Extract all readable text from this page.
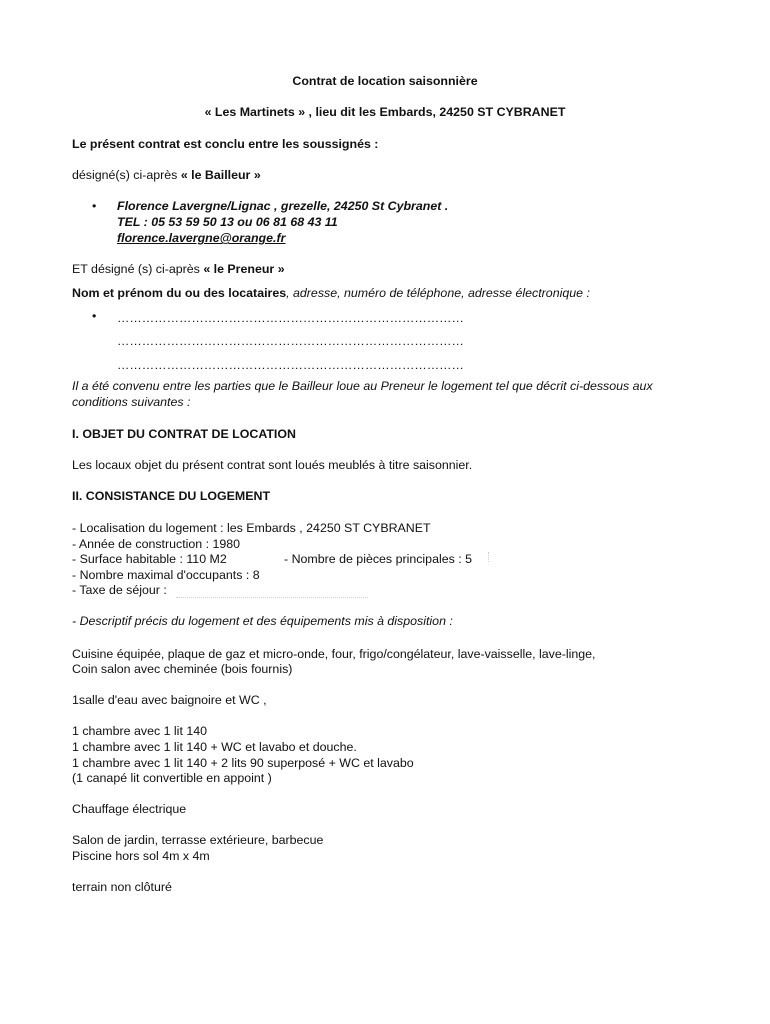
Contrat de location saisonnière
« Les Martinets » , lieu dit les Embards, 24250 ST CYBRANET
Le présent contrat est conclu entre les soussignés :
désigné(s) ci-après « le Bailleur »
• Florence Lavergne/Lignac , grezelle, 24250 St Cybranet .
TEL : 05 53 59 50 13 ou 06 81 68 43 11
florence.lavergne@orange.fr
ET désigné (s) ci-après « le Preneur »
Nom et prénom du ou des locataires, adresse, numéro de téléphone, adresse électronique :
• …………………………………………………………………………
…………………………………………………………………………
…………………………………………………………………………
Il a été convenu entre les parties que le Bailleur loue au Preneur le logement tel que décrit ci-dessous aux
conditions suivantes :
I. OBJET DU CONTRAT DE LOCATION
Les locaux objet du présent contrat sont loués meublés à titre saisonnier.
II. CONSISTANCE DU LOGEMENT
- Localisation du logement : les Embards , 24250 ST CYBRANET
- Année de construction : 1980
- Surface habitable : 110 M2	- Nombre de pièces principales : 5
- Nombre maximal d'occupants : 8
- Taxe de séjour :
- Descriptif précis du logement et des équipements mis à disposition :
Cuisine équipée, plaque de gaz et micro-onde, four, frigo/congélateur, lave-vaisselle, lave-linge,
Coin salon avec cheminée (bois fournis)
1salle d'eau avec baignoire et WC ,
1 chambre avec 1 lit 140
1 chambre avec 1 lit 140 + WC et lavabo et douche.
1 chambre avec 1 lit 140 + 2 lits 90 superposé + WC et lavabo
(1 canapé lit convertible en appoint )
Chauffage électrique
Salon de jardin, terrasse extérieure, barbecue
Piscine hors sol 4m x 4m
terrain non clôturé
